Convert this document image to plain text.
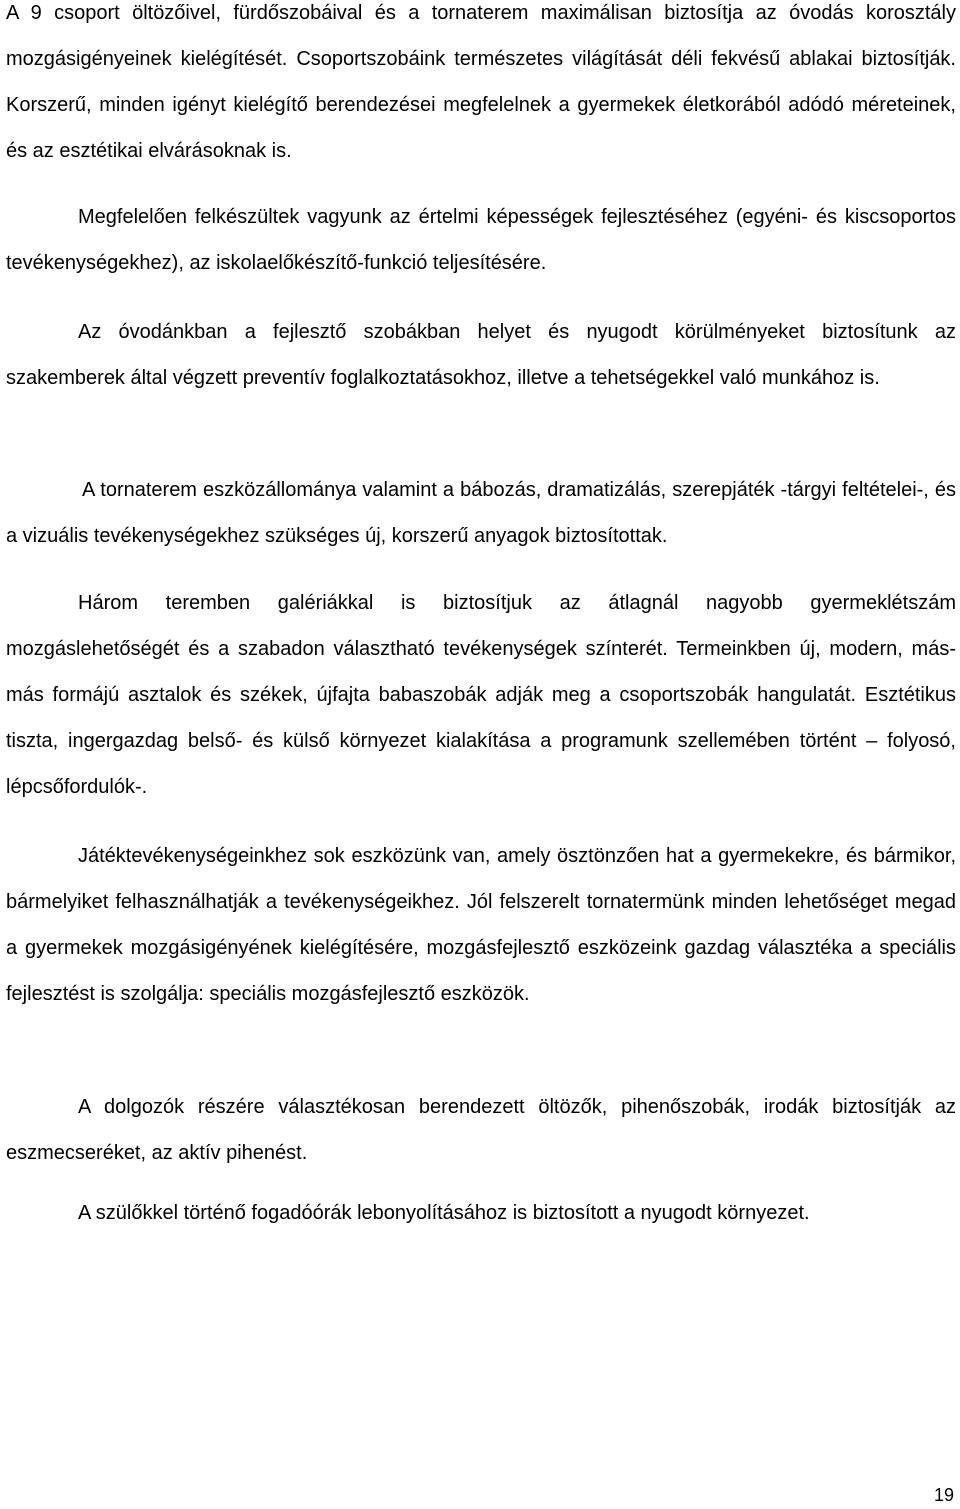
A 9 csoport öltözőivel, fürdőszobáival és a tornaterem maximálisan biztosítja az óvodás korosztály mozgásigényeinek kielégítését. Csoportszobáink természetes világítását déli fekvésű ablakai biztosítják. Korszerű, minden igényt kielégítő berendezései megfelelnek a gyermekek életkorából adódó méreteinek, és az esztétikai elvárásoknak is.

Megfelelően felkészültek vagyunk az értelmi képességek fejlesztéséhez (egyéni- és kiscsoportos tevékenységekhez), az iskolaelőkészítő-funkció teljesítésére.

Az óvodánkban a fejlesztő szobákban helyet és nyugodt körülményeket biztosítunk az szakemberek által végzett preventív foglalkoztatásokhoz, illetve a tehetségekkel való munkához is.

A tornaterem eszközállománya valamint a bábozás, dramatizálás, szerepjáték -tárgyi feltételei-, és a vizuális tevékenységekhez szükséges új, korszerű anyagok biztosítottak.

Három teremben galériákkal is biztosítjuk az átlagnál nagyobb gyermeklétszám mozgáslehetőségét és a szabadon választható tevékenységek színterét. Termeinkben új, modern, más-más formájú asztalok és székek, újfajta babaszobák adják meg a csoportszobák hangulatát. Esztétikus tiszta, ingergazdag belső- és külső környezet kialakítása a programunk szellemében történt – folyosó, lépcsőfordulók-.

Játéktevékenységeinkhez sok eszközünk van, amely ösztönzően hat a gyermekekre, és bármikor, bármelyiket felhasználhatják a tevékenységeikhez. Jól felszerelt tornatermünk minden lehetőséget megad a gyermekek mozgásigényének kielégítésére, mozgásfejlesztő eszközeink gazdag választéka a speciális fejlesztést is szolgálja: speciális mozgásfejlesztő eszközök.

A dolgozók részére választékosan berendezett öltözők, pihenőszobák, irodák biztosítják az eszmecseréket, az aktív pihenést.

A szülőkkel történő fogadóórák lebonyolításához is biztosított a nyugodt környezet.

19
